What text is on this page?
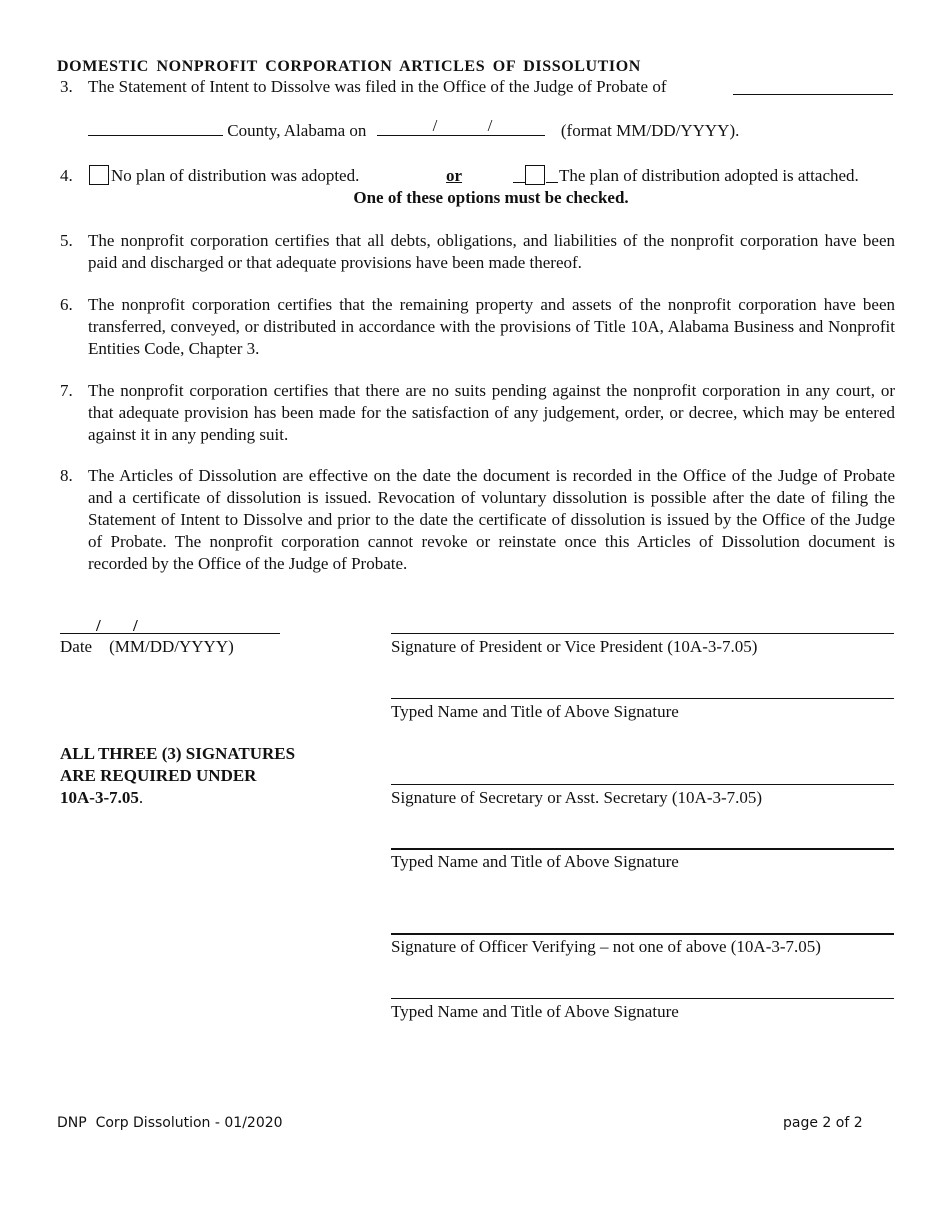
DOMESTIC NONPROFIT CORPORATION ARTICLES OF DISSOLUTION
3. The Statement of Intent to Dissolve was filed in the Office of the Judge of Probate of
County, Alabama on	/	/	(format MM/DD/YYYY).
4.	No plan of distribution was adopted.	or	The plan of distribution adopted is attached.
One of these options must be checked.
5. The nonprofit corporation certifies that all debts, obligations, and liabilities of the nonprofit corporation have been paid and discharged or that adequate provisions have been made thereof.
6. The nonprofit corporation certifies that the remaining property and assets of the nonprofit corporation have been transferred, conveyed, or distributed in accordance with the provisions of Title 10A, Alabama Business and Nonprofit Entities Code, Chapter 3.
7. The nonprofit corporation certifies that there are no suits pending against the nonprofit corporation in any court, or that adequate provision has been made for the satisfaction of any judgement, order, or decree, which may be entered against it in any pending suit.
8. The Articles of Dissolution are effective on the date the document is recorded in the Office of the Judge of Probate and a certificate of dissolution is issued. Revocation of voluntary dissolution is possible after the date of filing the Statement of Intent to Dissolve and prior to the date the certificate of dissolution is issued by the Office of the Judge of Probate. The nonprofit corporation cannot revoke or reinstate once this Articles of Dissolution document is recorded by the Office of the Judge of Probate.
/ /
Date    (MM/DD/YYYY)
ALL THREE (3) SIGNATURES
ARE REQUIRED UNDER
10A-3-7.05.
Signature of President or Vice President (10A-3-7.05)
Typed Name and Title of Above Signature
Signature of Secretary or Asst. Secretary (10A-3-7.05)
Typed Name and Title of Above Signature
Signature of Officer Verifying – not one of above (10A-3-7.05)
Typed Name and Title of Above Signature
DNP  Corp Dissolution - 01/2020	page 2 of 2
